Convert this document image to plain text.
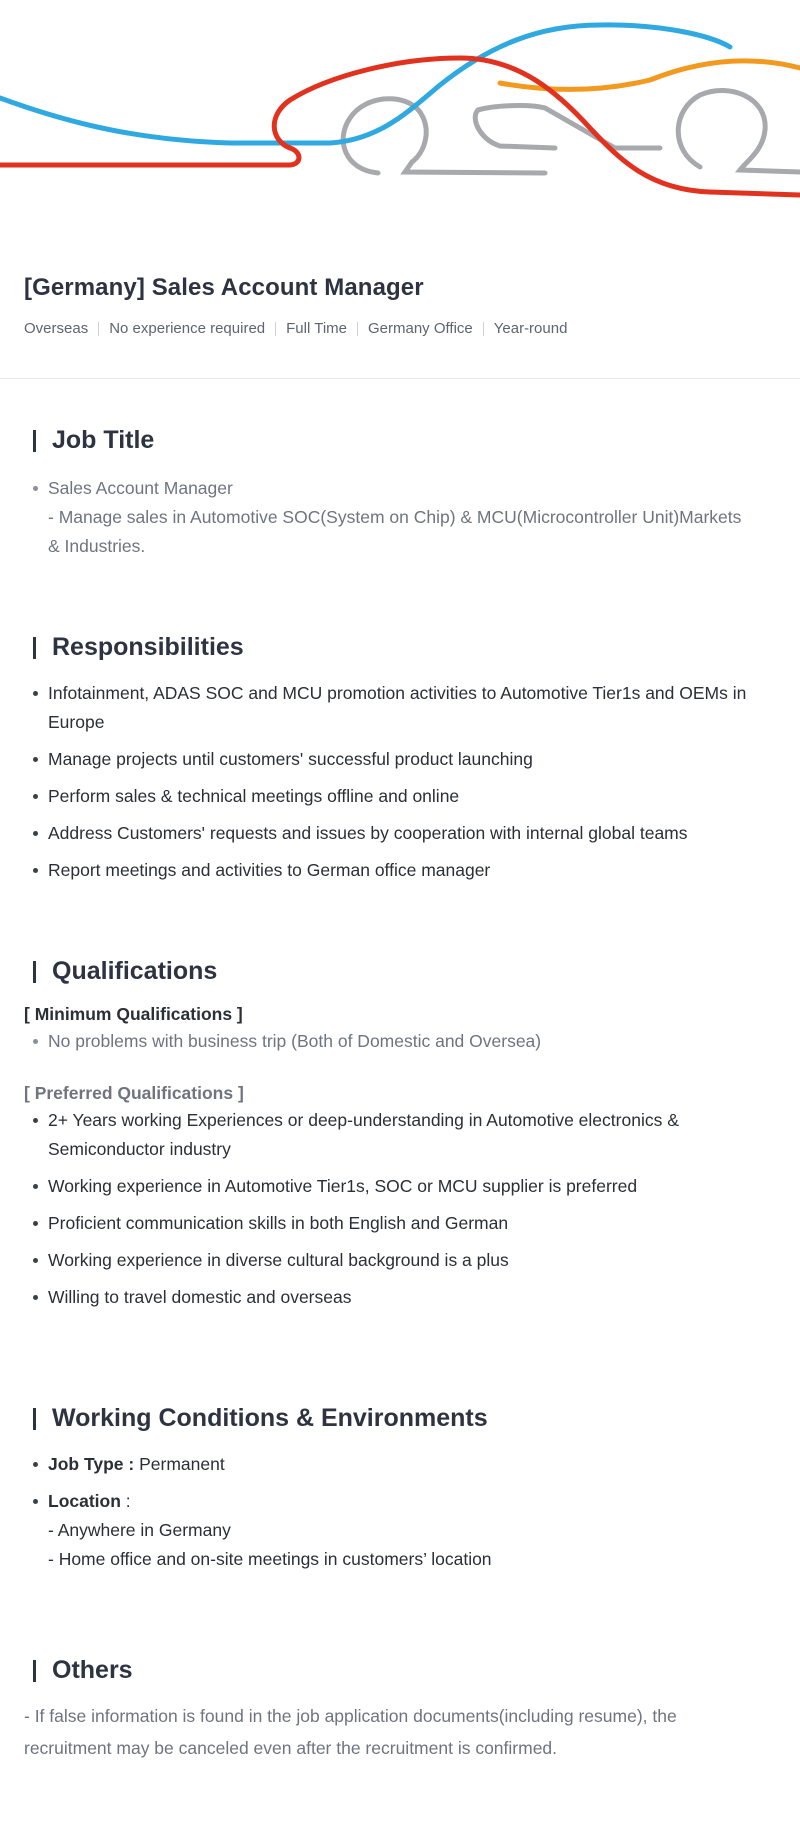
[Germany] Sales Account Manager
Overseas No experience required Full Time Germany Office Year-round
Job Title
Sales Account Manager
- Manage sales in Automotive SOC(System on Chip) & MCU(Microcontroller Unit)Markets
& Industries.
Responsibilities
Infotainment, ADAS SOC and MCU promotion activities to Automotive Tier1s and OEMs in Europe
Manage projects until customers' successful product launching
Perform sales & technical meetings offline and online
Address Customers' requests and issues by cooperation with internal global teams
Report meetings and activities to German office manager
Qualifications
[ Minimum Qualifications ]
No problems with business trip (Both of Domestic and Oversea)
[ Preferred Qualifications ]
2+ Years working Experiences or deep-understanding in Automotive electronics & Semiconductor industry
Working experience in Automotive Tier1s, SOC or MCU supplier is preferred
Proficient communication skills in both English and German
Working experience in diverse cultural background is a plus
Willing to travel domestic and overseas
Working Conditions & Environments
Job Type : Permanent
Location :
- Anywhere in Germany
- Home office and on-site meetings in customers’ location
Others

- If false information is found in the job application documents(including resume), the recruitment may be canceled even after the recruitment is confirmed.
